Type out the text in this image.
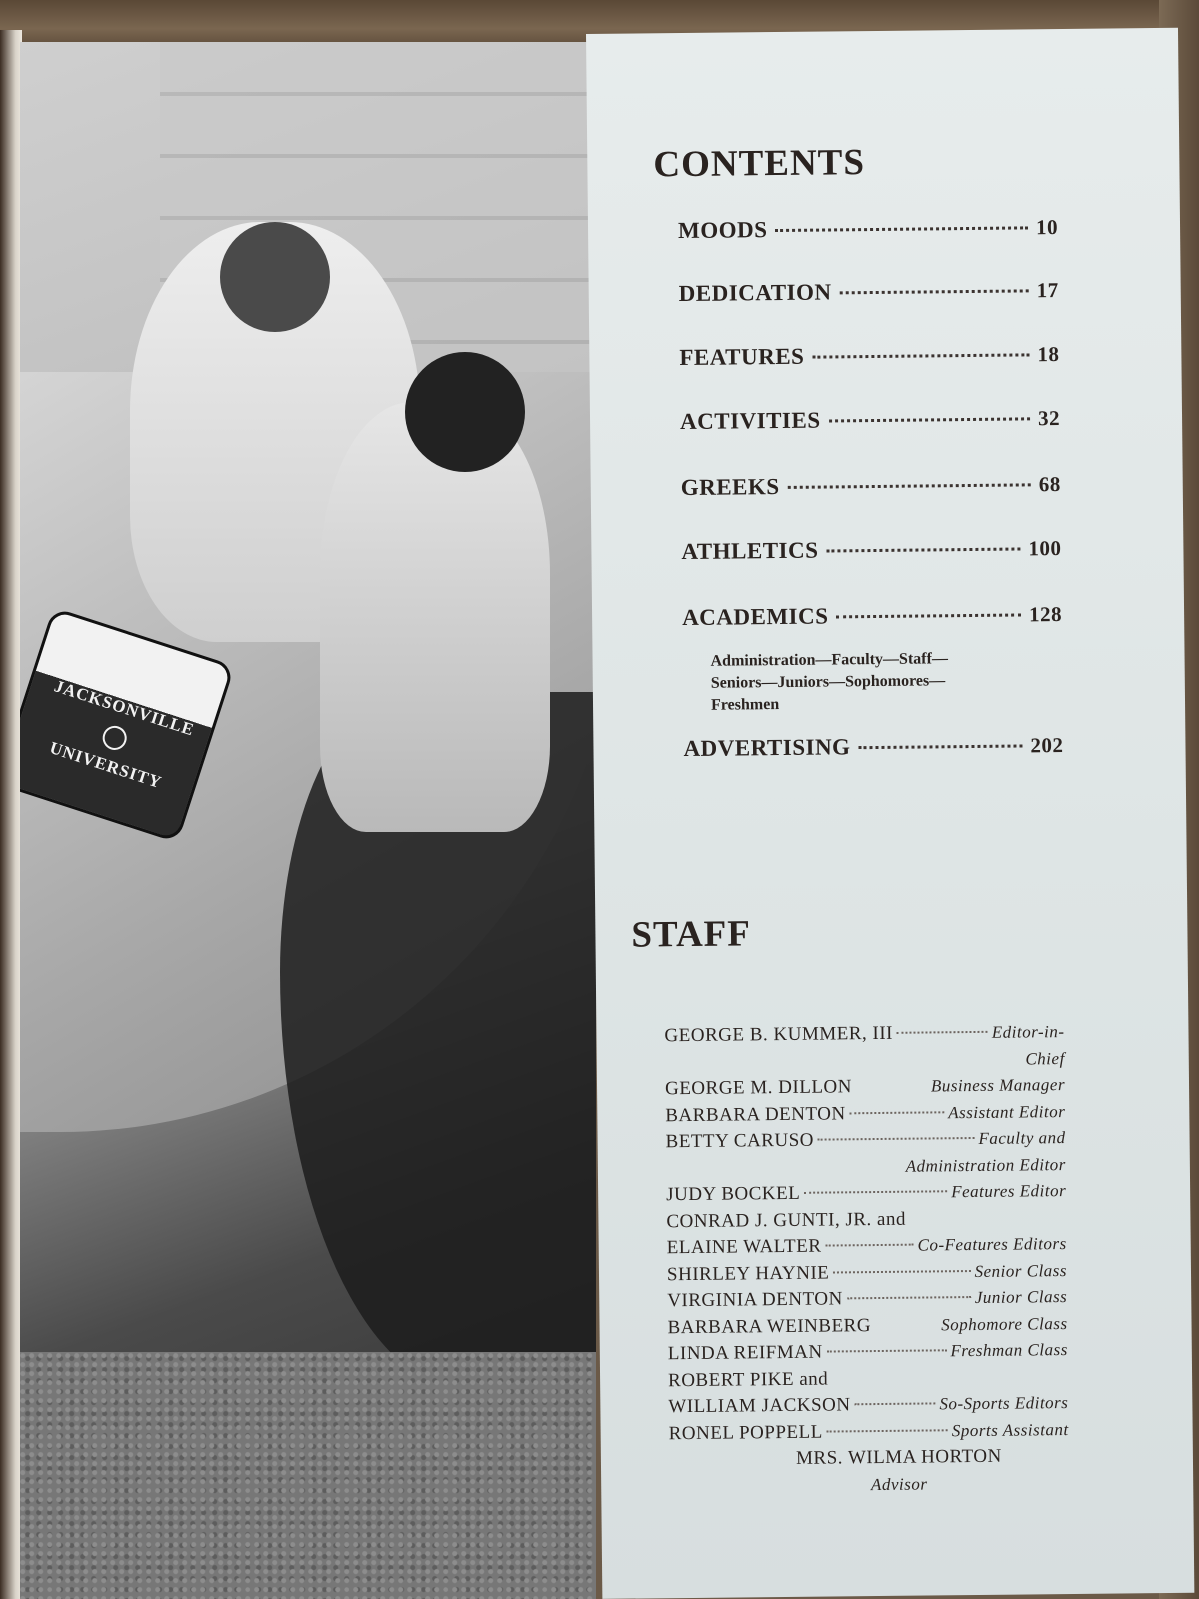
JACKSONVILLE
UNIVERSITY
CONTENTS
MOODS	10
DEDICATION	17
FEATURES	18
ACTIVITIES	32
GREEKS	68
ATHLETICS	100
ACADEMICS	128
Administration—Faculty—Staff—
Seniors—Juniors—Sophomores—
Freshmen
ADVERTISING	202
STAFF
GEORGE B. KUMMER, III	Editor-in-
Chief
GEORGE M. DILLON	Business Manager
BARBARA DENTON	Assistant Editor
BETTY CARUSO	Faculty and
Administration Editor
JUDY BOCKEL	Features Editor
CONRAD J. GUNTI, JR. and
ELAINE WALTER	Co-Features Editors
SHIRLEY HAYNIE	Senior Class
VIRGINIA DENTON	Junior Class
BARBARA WEINBERG	Sophomore Class
LINDA REIFMAN	Freshman Class
ROBERT PIKE and
WILLIAM JACKSON	So-Sports Editors
RONEL POPPELL	Sports Assistant
MRS. WILMA HORTON
Advisor
